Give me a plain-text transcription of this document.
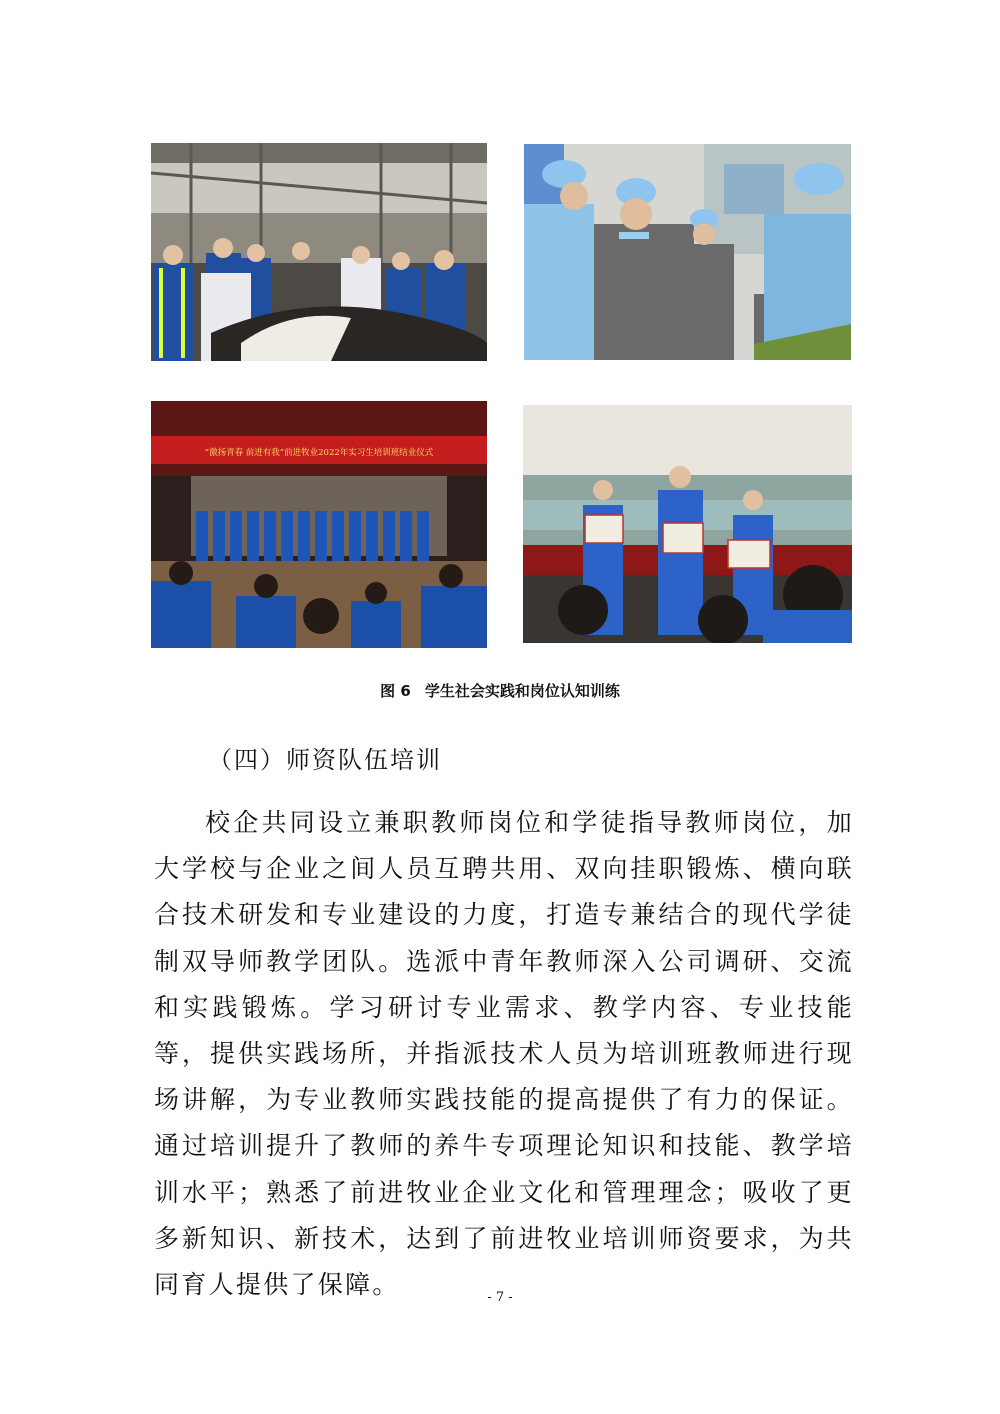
“激扬青春 前进有我”前进牧业2022年实习生培训班结业仪式
图 6 学生社会实践和岗位认知训练
（四）师资队伍培训

校企共同设立兼职教师岗位和学徒指导教师岗位，加大学校与企业之间人员互聘共用、双向挂职锻炼、横向联合技术研发和专业建设的力度，打造专兼结合的现代学徒制双导师教学团队。选派中青年教师深入公司调研、交流和实践锻炼。学习研讨专业需求、教学内容、专业技能等，提供实践场所，并指派技术人员为培训班教师进行现场讲解，为专业教师实践技能的提高提供了有力的保证。通过培训提升了教师的养牛专项理论知识和技能、教学培训水平；熟悉了前进牧业企业文化和管理理念；吸收了更多新知识、新技术，达到了前进牧业培训师资要求，为共同育人提供了保障。	- 7 -
